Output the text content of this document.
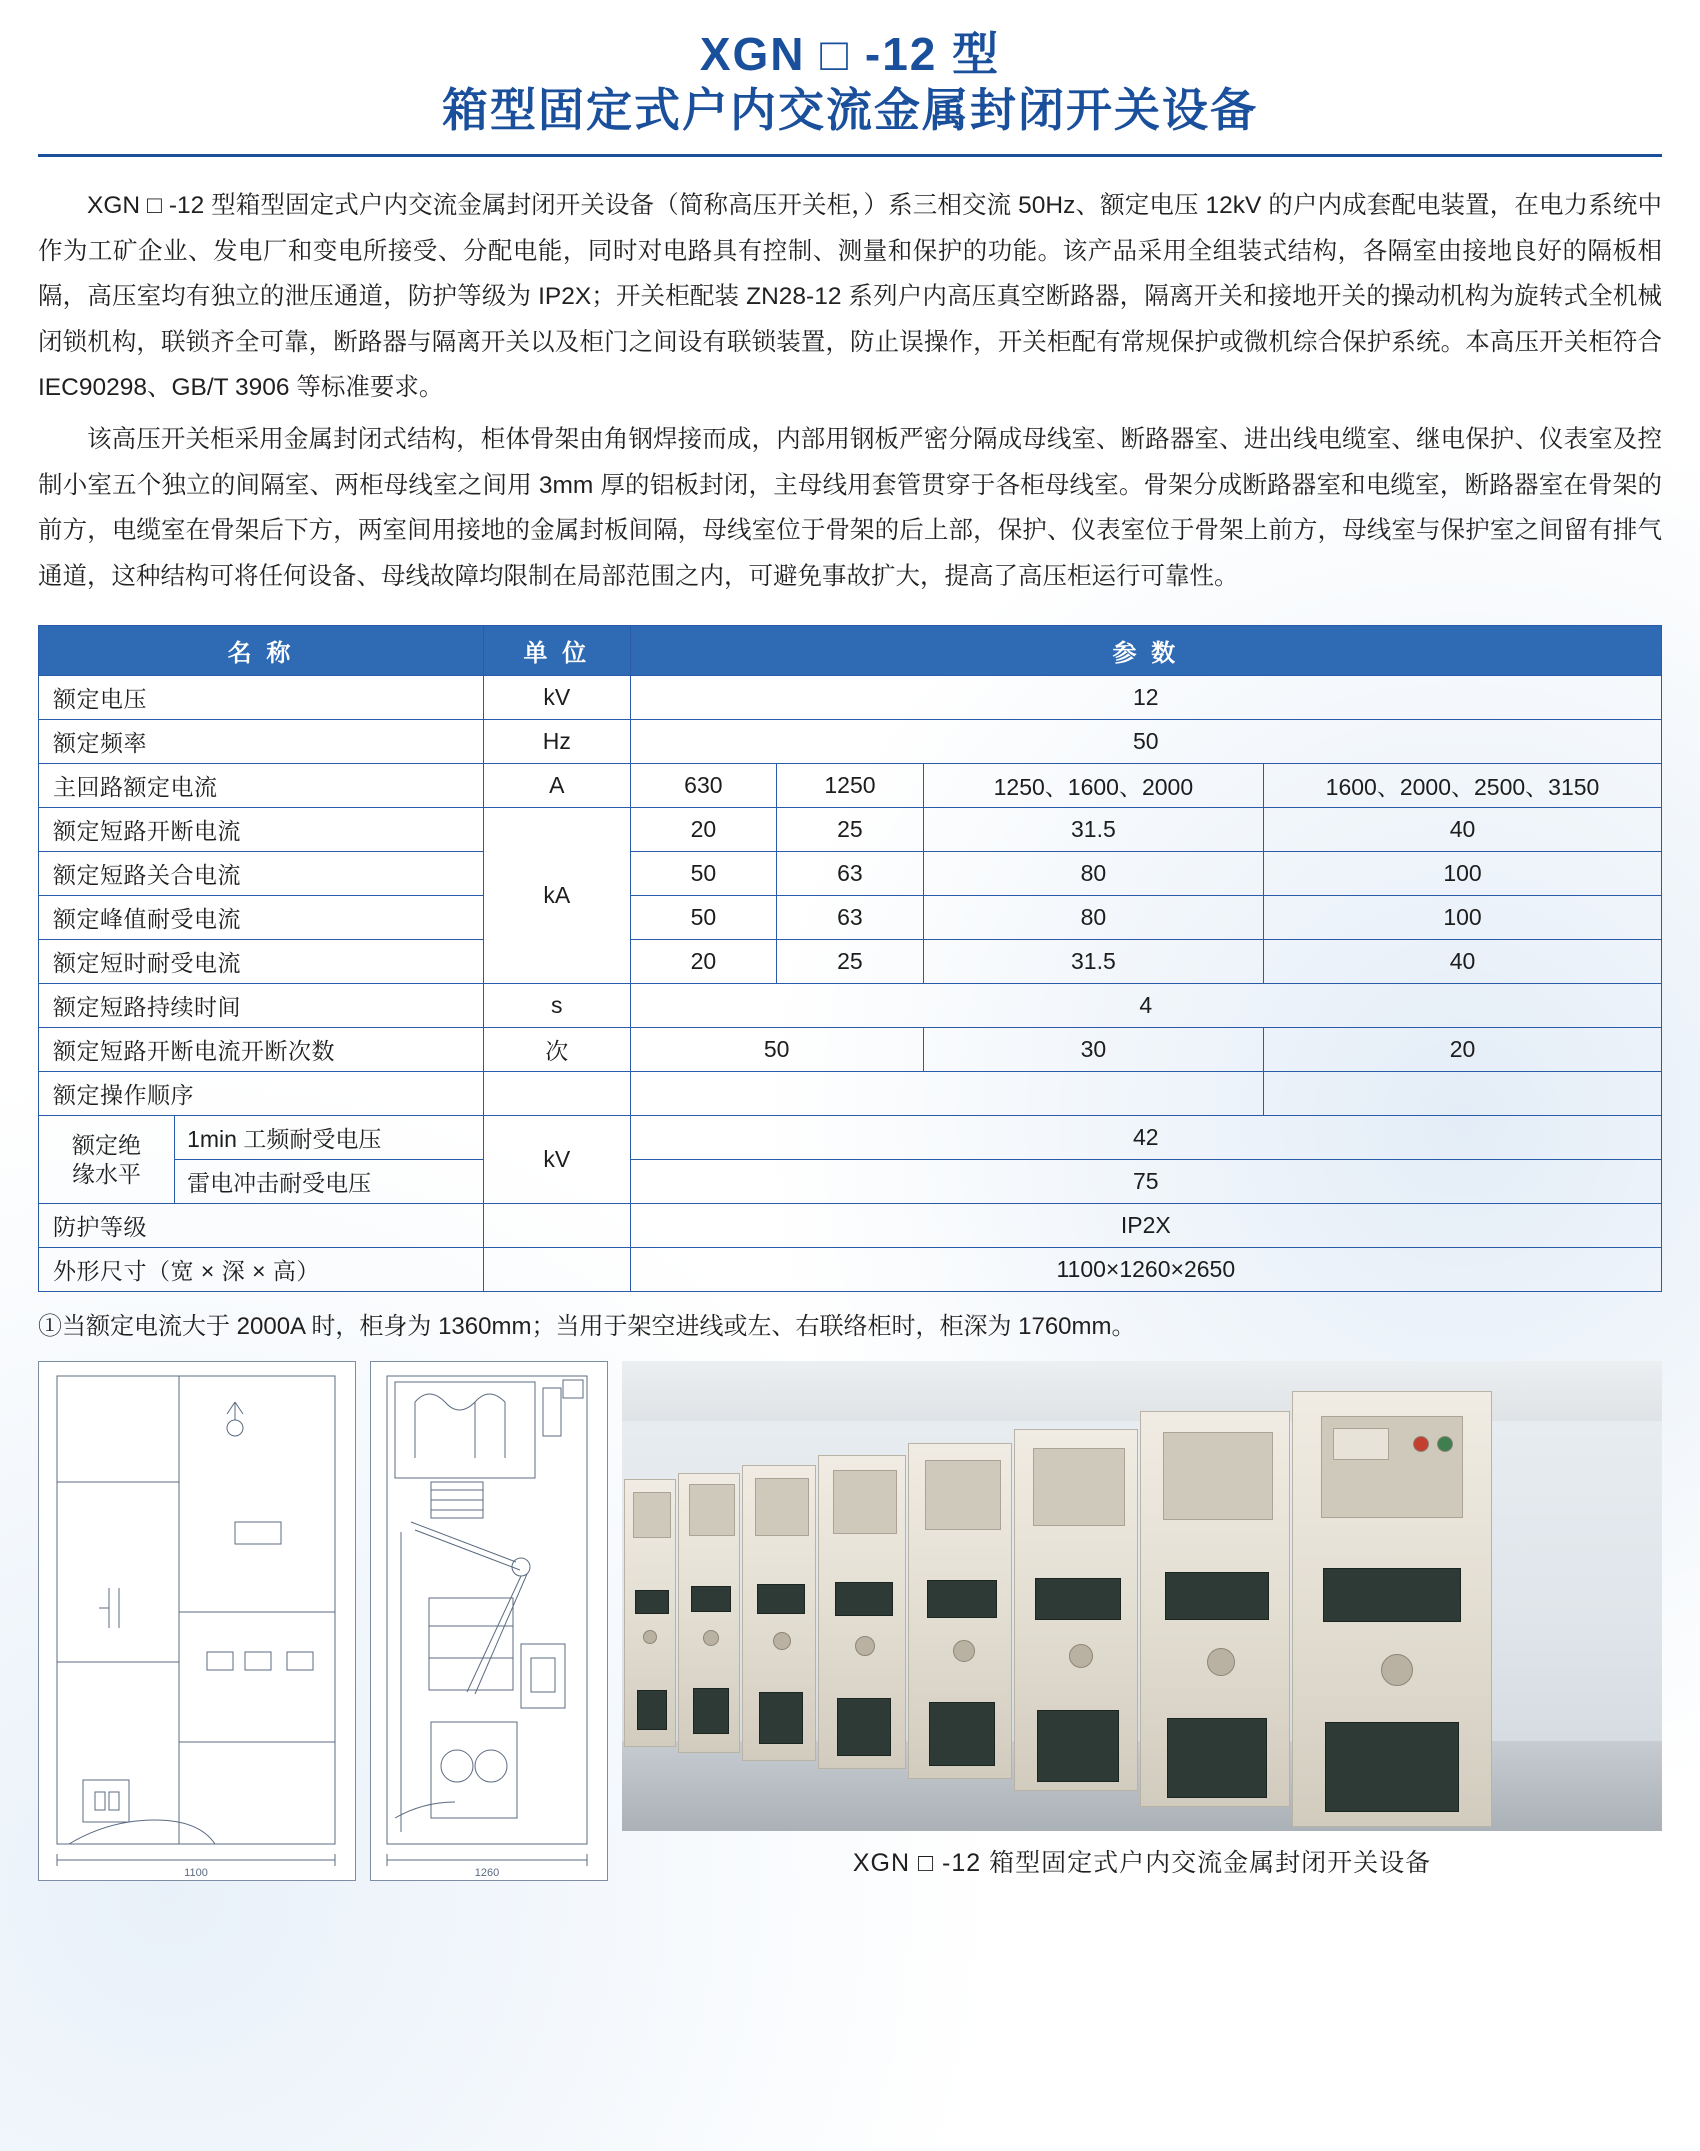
XGN □ -12 型
箱型固定式户内交流金属封闭开关设备

XGN □ -12 型箱型固定式户内交流金属封闭开关设备（简称高压开关柜，）系三相交流 50Hz、额定电压 12kV 的户内成套配电装置，在电力系统中作为工矿企业、发电厂和变电所接受、分配电能，同时对电路具有控制、测量和保护的功能。该产品采用全组装式结构，各隔室由接地良好的隔板相隔，高压室均有独立的泄压通道，防护等级为 IP2X；开关柜配装 ZN28-12 系列户内高压真空断路器，隔离开关和接地开关的操动机构为旋转式全机械闭锁机构，联锁齐全可靠，断路器与隔离开关以及柜门之间设有联锁装置，防止误操作，开关柜配有常规保护或微机综合保护系统。本高压开关柜符合 IEC90298、GB/T 3906 等标准要求。

该高压开关柜采用金属封闭式结构，柜体骨架由角钢焊接而成，内部用钢板严密分隔成母线室、断路器室、进出线电缆室、继电保护、仪表室及控制小室五个独立的间隔室、两柜母线室之间用 3mm 厚的铝板封闭，主母线用套管贯穿于各柜母线室。骨架分成断路器室和电缆室，断路器室在骨架的前方，电缆室在骨架后下方，两室间用接地的金属封板间隔，母线室位于骨架的后上部，保护、仪表室位于骨架上前方，母线室与保护室之间留有排气通道，这种结构可将任何设备、母线故障均限制在局部范围之内，可避免事故扩大，提高了高压柜运行可靠性。

名 称		单 位	参 数			
额定电压		kV	12			
额定频率		Hz	50			
主回路额定电流		A	630	1250	1250、1600、2000	1600、2000、2500、3150
额定短路开断电流		kA	20	25	31.5	40
额定短路关合电流			50	63	80	100
额定峰值耐受电流			50	63	80	100
额定短时耐受电流			20	25	31.5	40
额定短路持续时间		s	4			
额定短路开断电流开断次数		次	50		30	20
额定操作顺序						
额定绝
缘水平	1min 工频耐受电压	kV	42			
	雷电冲击耐受电压		75			
防护等级			IP2X			
外形尺寸（宽 × 深 × 高）			1100×1260×2650			
①当额定电流大于 2000A 时，柜身为 1360mm；当用于架空进线或左、右联络柜时，柜深为 1760mm。
1100	1260	XGN □ -12 箱型固定式户内交流金属封闭开关设备
